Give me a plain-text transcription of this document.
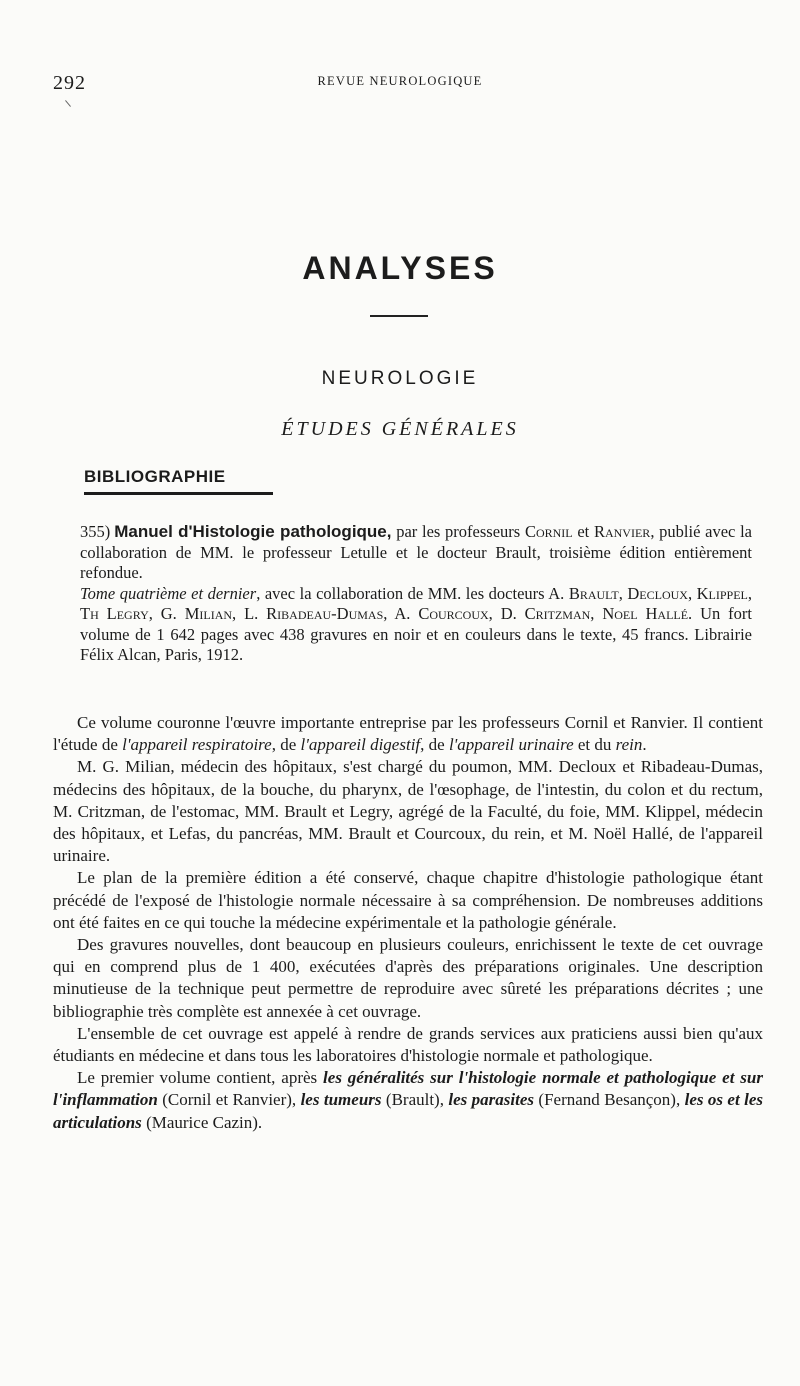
292	REVUE NEUROLOGIQUE
ANALYSES
NEUROLOGIE
ÉTUDES GÉNÉRALES
BIBLIOGRAPHIE
355) Manuel d'Histologie pathologique, par les professeurs Cornil et Ranvier, publié avec la collaboration de MM. le professeur Letulle et le docteur Brault, troisième édition entièrement refondue.
Tome quatrième et dernier, avec la collaboration de MM. les docteurs A. Brault, Decloux, Klippel, Th Legry, G. Milian, L. Ribadeau-Dumas, A. Courcoux, D. Critzman, Noel Hallé. Un fort volume de 1 642 pages avec 438 gravures en noir et en couleurs dans le texte, 45 francs. Librairie Félix Alcan, Paris, 1912.

Ce volume couronne l'œuvre importante entreprise par les professeurs Cornil et Ranvier. Il contient l'étude de l'appareil respiratoire, de l'appareil digestif, de l'appareil urinaire et du rein.

M. G. Milian, médecin des hôpitaux, s'est chargé du poumon, MM. Decloux et Ribadeau-Dumas, médecins des hôpitaux, de la bouche, du pharynx, de l'œsophage, de l'intestin, du colon et du rectum, M. Critzman, de l'estomac, MM. Brault et Legry, agrégé de la Faculté, du foie, MM. Klippel, médecin des hôpitaux, et Lefas, du pancréas, MM. Brault et Courcoux, du rein, et M. Noël Hallé, de l'appareil urinaire.

Le plan de la première édition a été conservé, chaque chapitre d'histologie pathologique étant précédé de l'exposé de l'histologie normale nécessaire à sa compréhension. De nombreuses additions ont été faites en ce qui touche la médecine expérimentale et la pathologie générale.

Des gravures nouvelles, dont beaucoup en plusieurs couleurs, enrichissent le texte de cet ouvrage qui en comprend plus de 1 400, exécutées d'après des préparations originales. Une description minutieuse de la technique peut permettre de reproduire avec sûreté les préparations décrites ; une bibliographie très complète est annexée à cet ouvrage.

L'ensemble de cet ouvrage est appelé à rendre de grands services aux praticiens aussi bien qu'aux étudiants en médecine et dans tous les laboratoires d'histologie normale et pathologique.

Le premier volume contient, après les généralités sur l'histologie normale et pathologique et sur l'inflammation (Cornil et Ranvier), les tumeurs (Brault), les parasites (Fernand Besançon), les os et les articulations (Maurice Cazin).
